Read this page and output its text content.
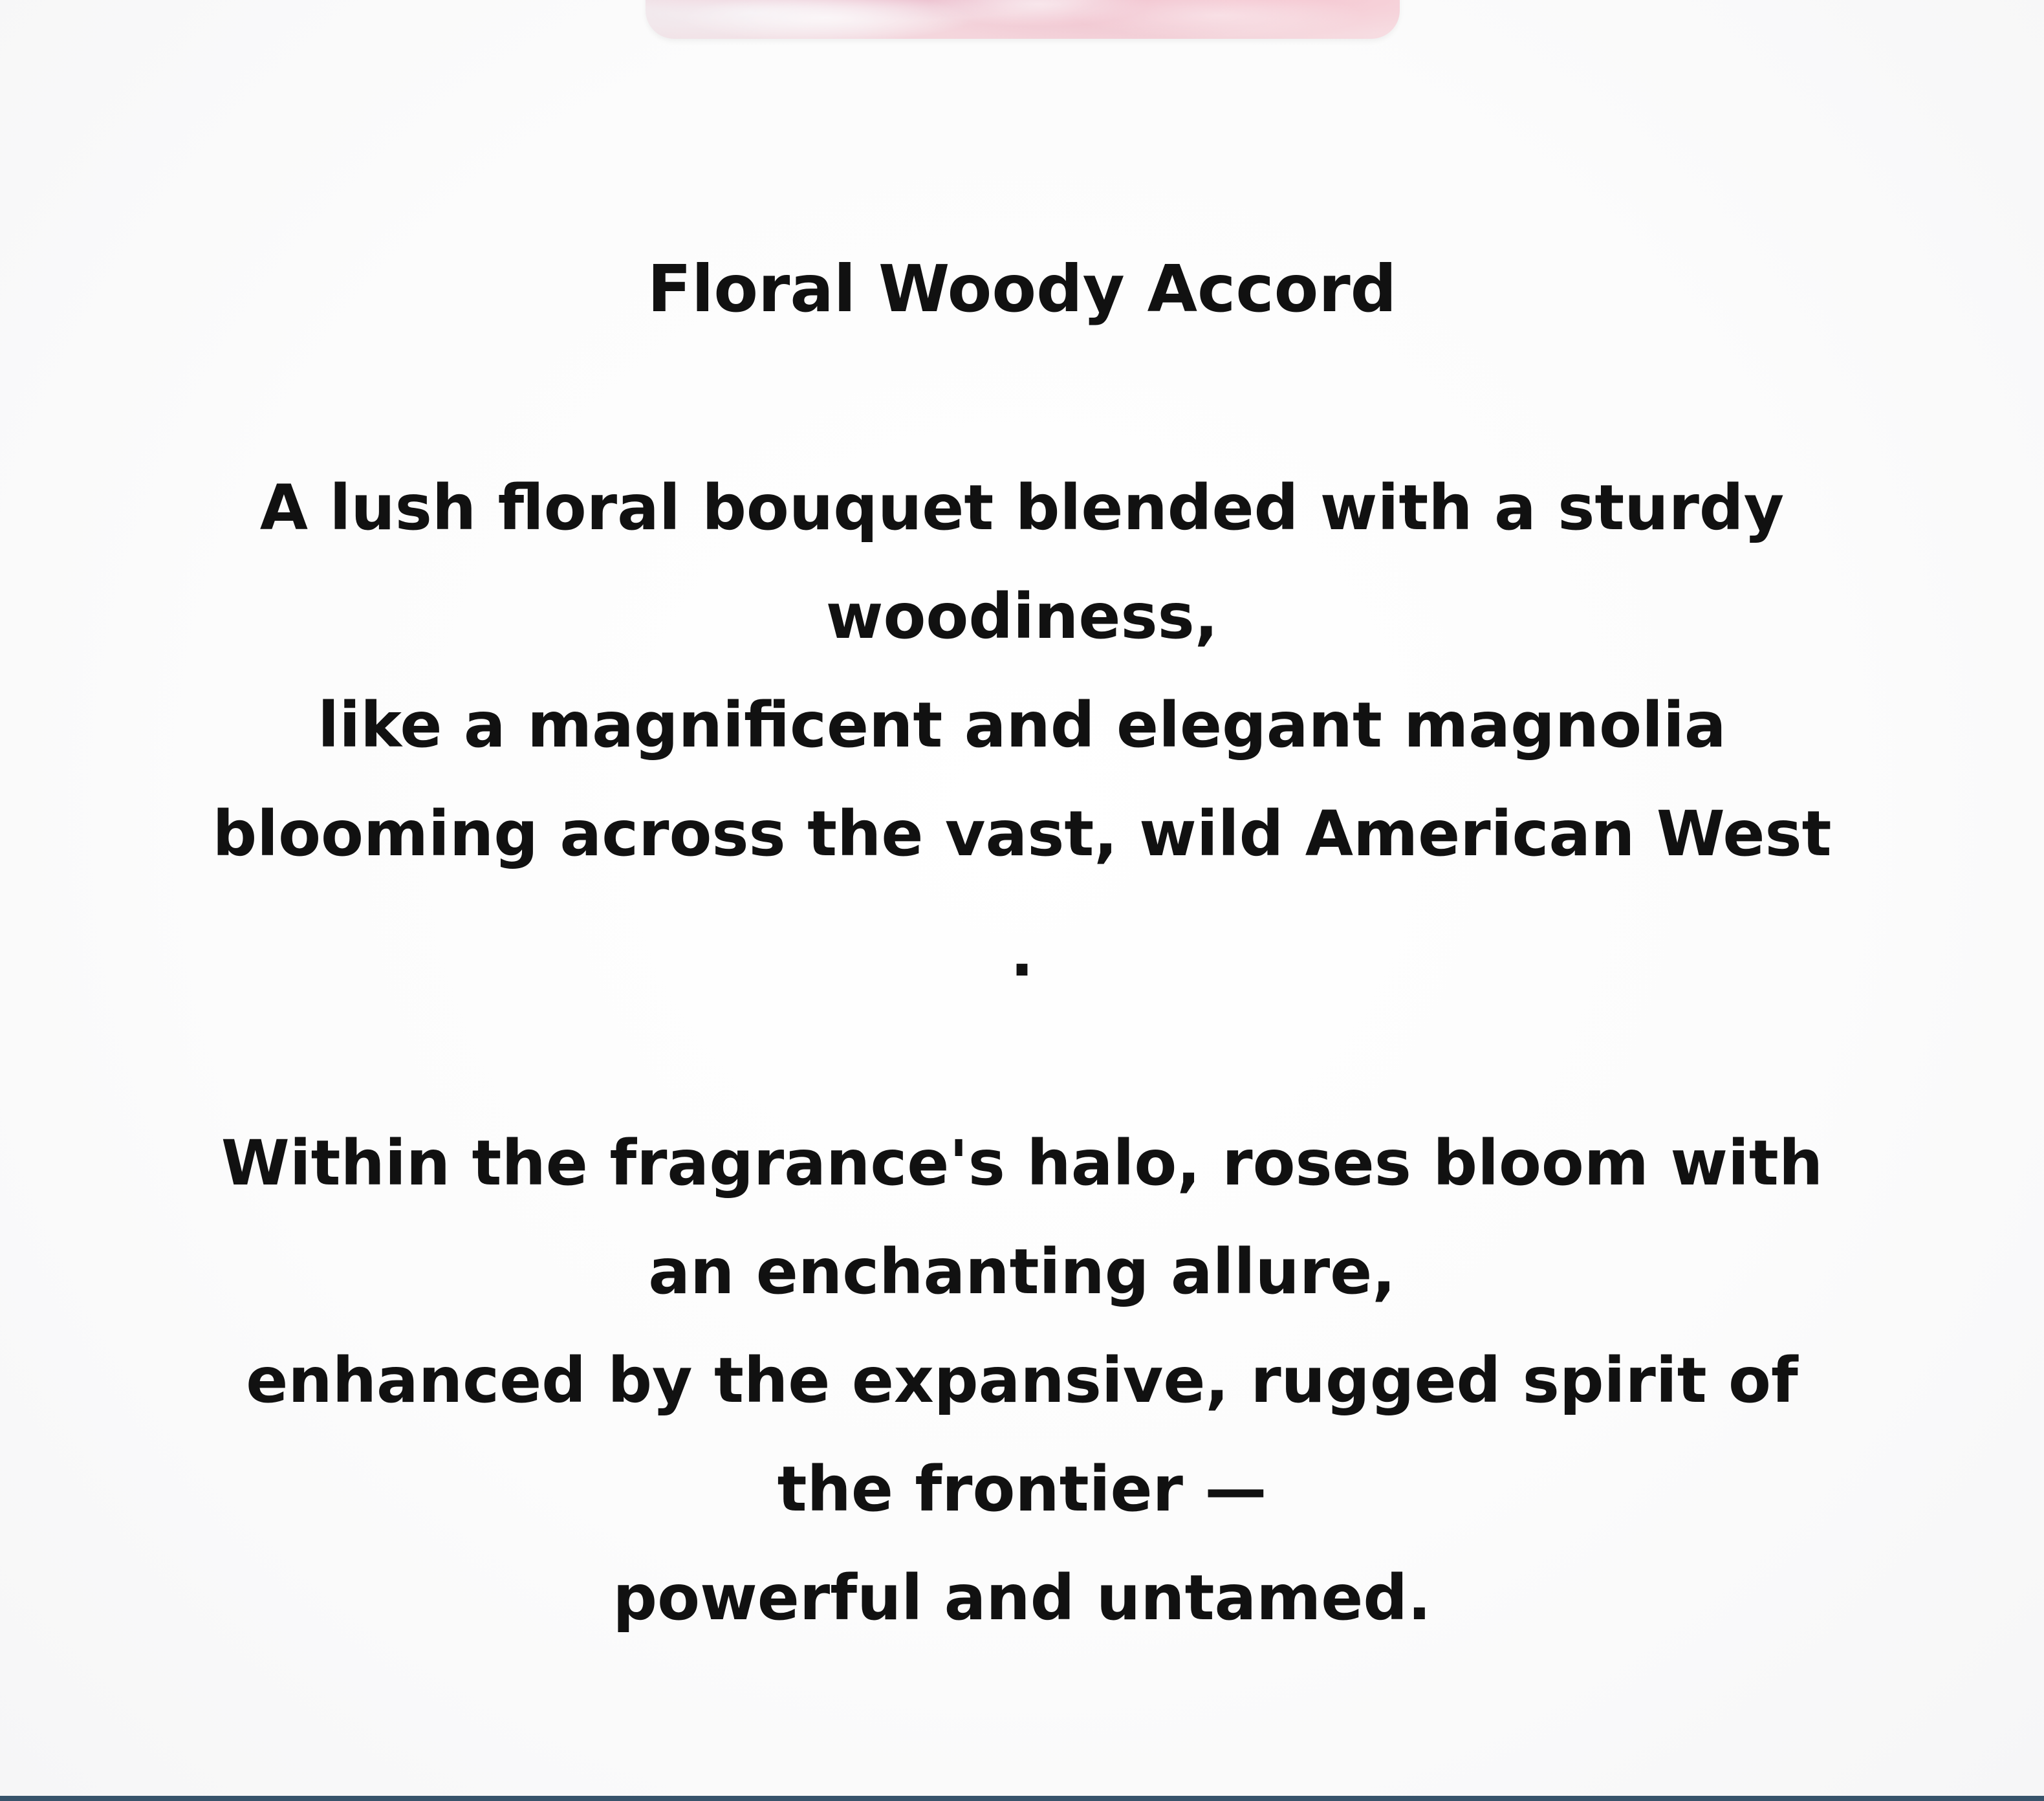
Floral Woody Accord
A lush floral bouquet blended with a sturdy
woodiness,
like a magnificent and elegant magnolia
blooming across the vast, wild American West
.
Within the fragrance's halo, roses bloom with
an enchanting allure,
enhanced by the expansive, rugged spirit of
the frontier —
powerful and untamed.
